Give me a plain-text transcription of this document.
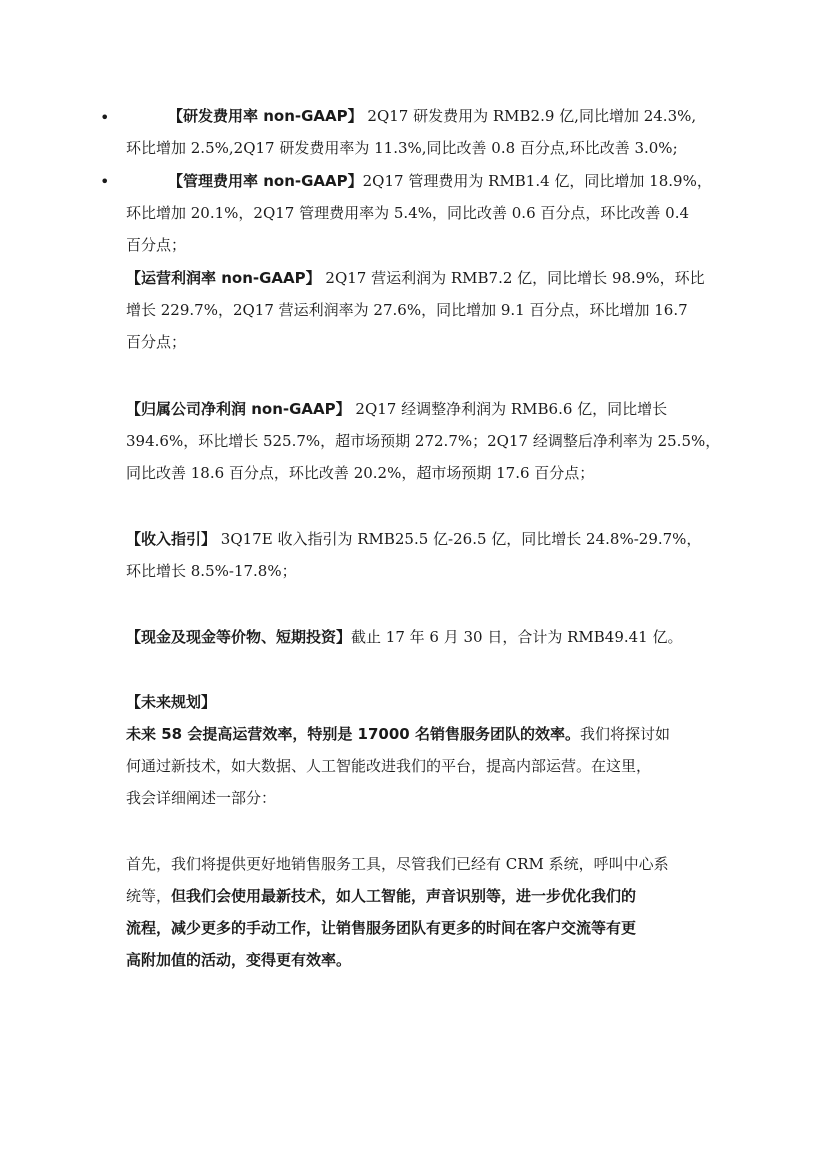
•	【研发费用率 non-GAAP】 2Q17 研发费用为 RMB2.9 亿,同比增加 24.3%,
环比增加 2.5%,2Q17 研发费用率为 11.3%,同比改善 0.8 百分点,环比改善 3.0%;
•	【管理费用率 non-GAAP】2Q17 管理费用为 RMB1.4 亿，同比增加 18.9%，
环比增加 20.1%，2Q17 管理费用率为 5.4%，同比改善 0.6 百分点，环比改善 0.4
百分点；
【运营利润率 non-GAAP】 2Q17 营运利润为 RMB7.2 亿，同比增长 98.9%，环比
增长 229.7%，2Q17 营运利润率为 27.6%，同比增加 9.1 百分点，环比增加 16.7
百分点；
【归属公司净利润 non-GAAP】 2Q17 经调整净利润为 RMB6.6 亿，同比增长
394.6%，环比增长 525.7%，超市场预期 272.7%；2Q17 经调整后净利率为 25.5%，
同比改善 18.6 百分点，环比改善 20.2%，超市场预期 17.6 百分点；
【收入指引】 3Q17E 收入指引为 RMB25.5 亿-26.5 亿，同比增长 24.8%-29.7%，
环比增长 8.5%-17.8%；
【现金及现金等价物、短期投资】截止 17 年 6 月 30 日，合计为 RMB49.41 亿。
【未来规划】
未来 58 会提高运营效率，特别是 17000 名销售服务团队的效率。我们将探讨如
何通过新技术，如大数据、人工智能改进我们的平台，提高内部运营。在这里，
我会详细阐述一部分：
首先，我们将提供更好地销售服务工具，尽管我们已经有 CRM 系统，呼叫中心系
统等，但我们会使用最新技术，如人工智能，声音识别等，进一步优化我们的
流程，减少更多的手动工作，让销售服务团队有更多的时间在客户交流等有更
高附加值的活动，变得更有效率。
